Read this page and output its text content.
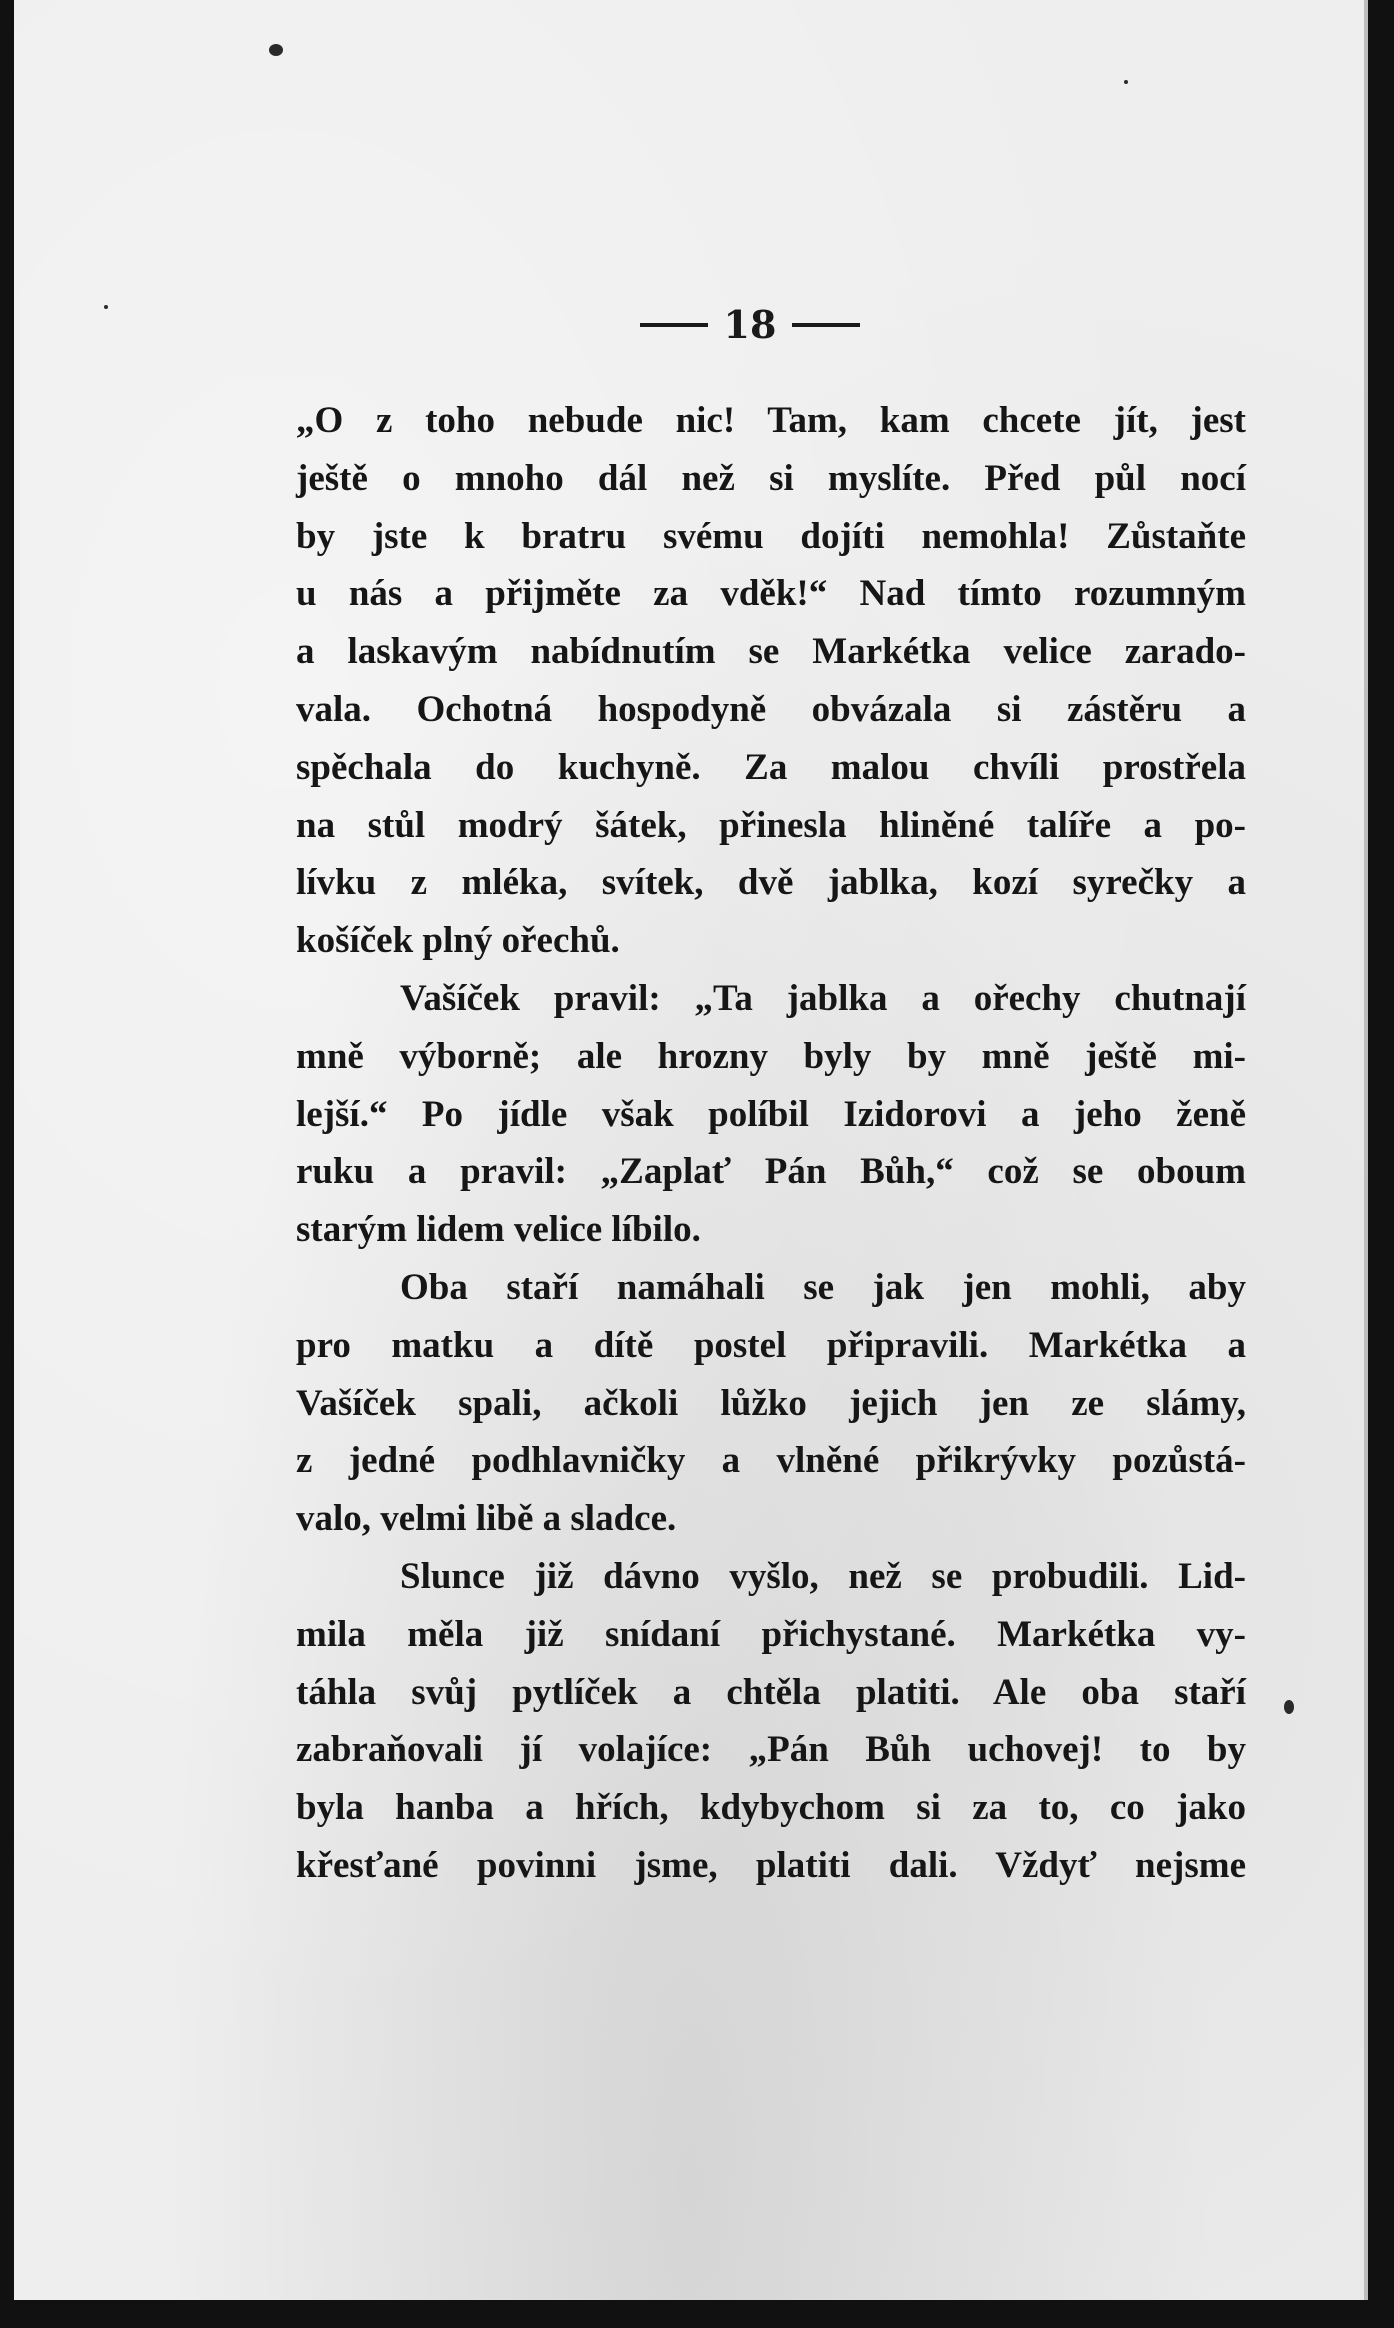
18
„O z toho nebude nic! Tam, kam chcete jít, jest
ještě o mnoho dál než si myslíte. Před půl nocí
by jste k bratru svému dojíti nemohla! Zůstaňte
u nás a přijměte za vděk!“ Nad tímto rozumným
a laskavým nabídnutím se Markétka velice zarado-
vala. Ochotná hospodyně obvázala si zástěru a
spěchala do kuchyně. Za malou chvíli prostřela
na stůl modrý šátek, přinesla hliněné talíře a po-
lívku z mléka, svítek, dvě jablka, kozí syrečky a
košíček plný ořechů.
Vašíček pravil: „Ta jablka a ořechy chutnají
mně výborně; ale hrozny byly by mně ještě mi-
lejší.“ Po jídle však políbil Izidorovi a jeho ženě
ruku a pravil: „Zaplať Pán Bůh,“ což se oboum
starým lidem velice líbilo.
Oba staří namáhali se jak jen mohli, aby
pro matku a dítě postel připravili. Markétka a
Vašíček spali, ačkoli lůžko jejich jen ze slámy,
z jedné podhlavničky a vlněné přikrývky pozůstá-
valo, velmi libě a sladce.
Slunce již dávno vyšlo, než se probudili. Lid-
mila měla již snídaní přichystané. Markétka vy-
táhla svůj pytlíček a chtěla platiti. Ale oba staří
zabraňovali jí volajíce: „Pán Bůh uchovej! to by
byla hanba a hřích, kdybychom si za to, co jako
křesťané povinni jsme, platiti dali. Vždyť nejsme
